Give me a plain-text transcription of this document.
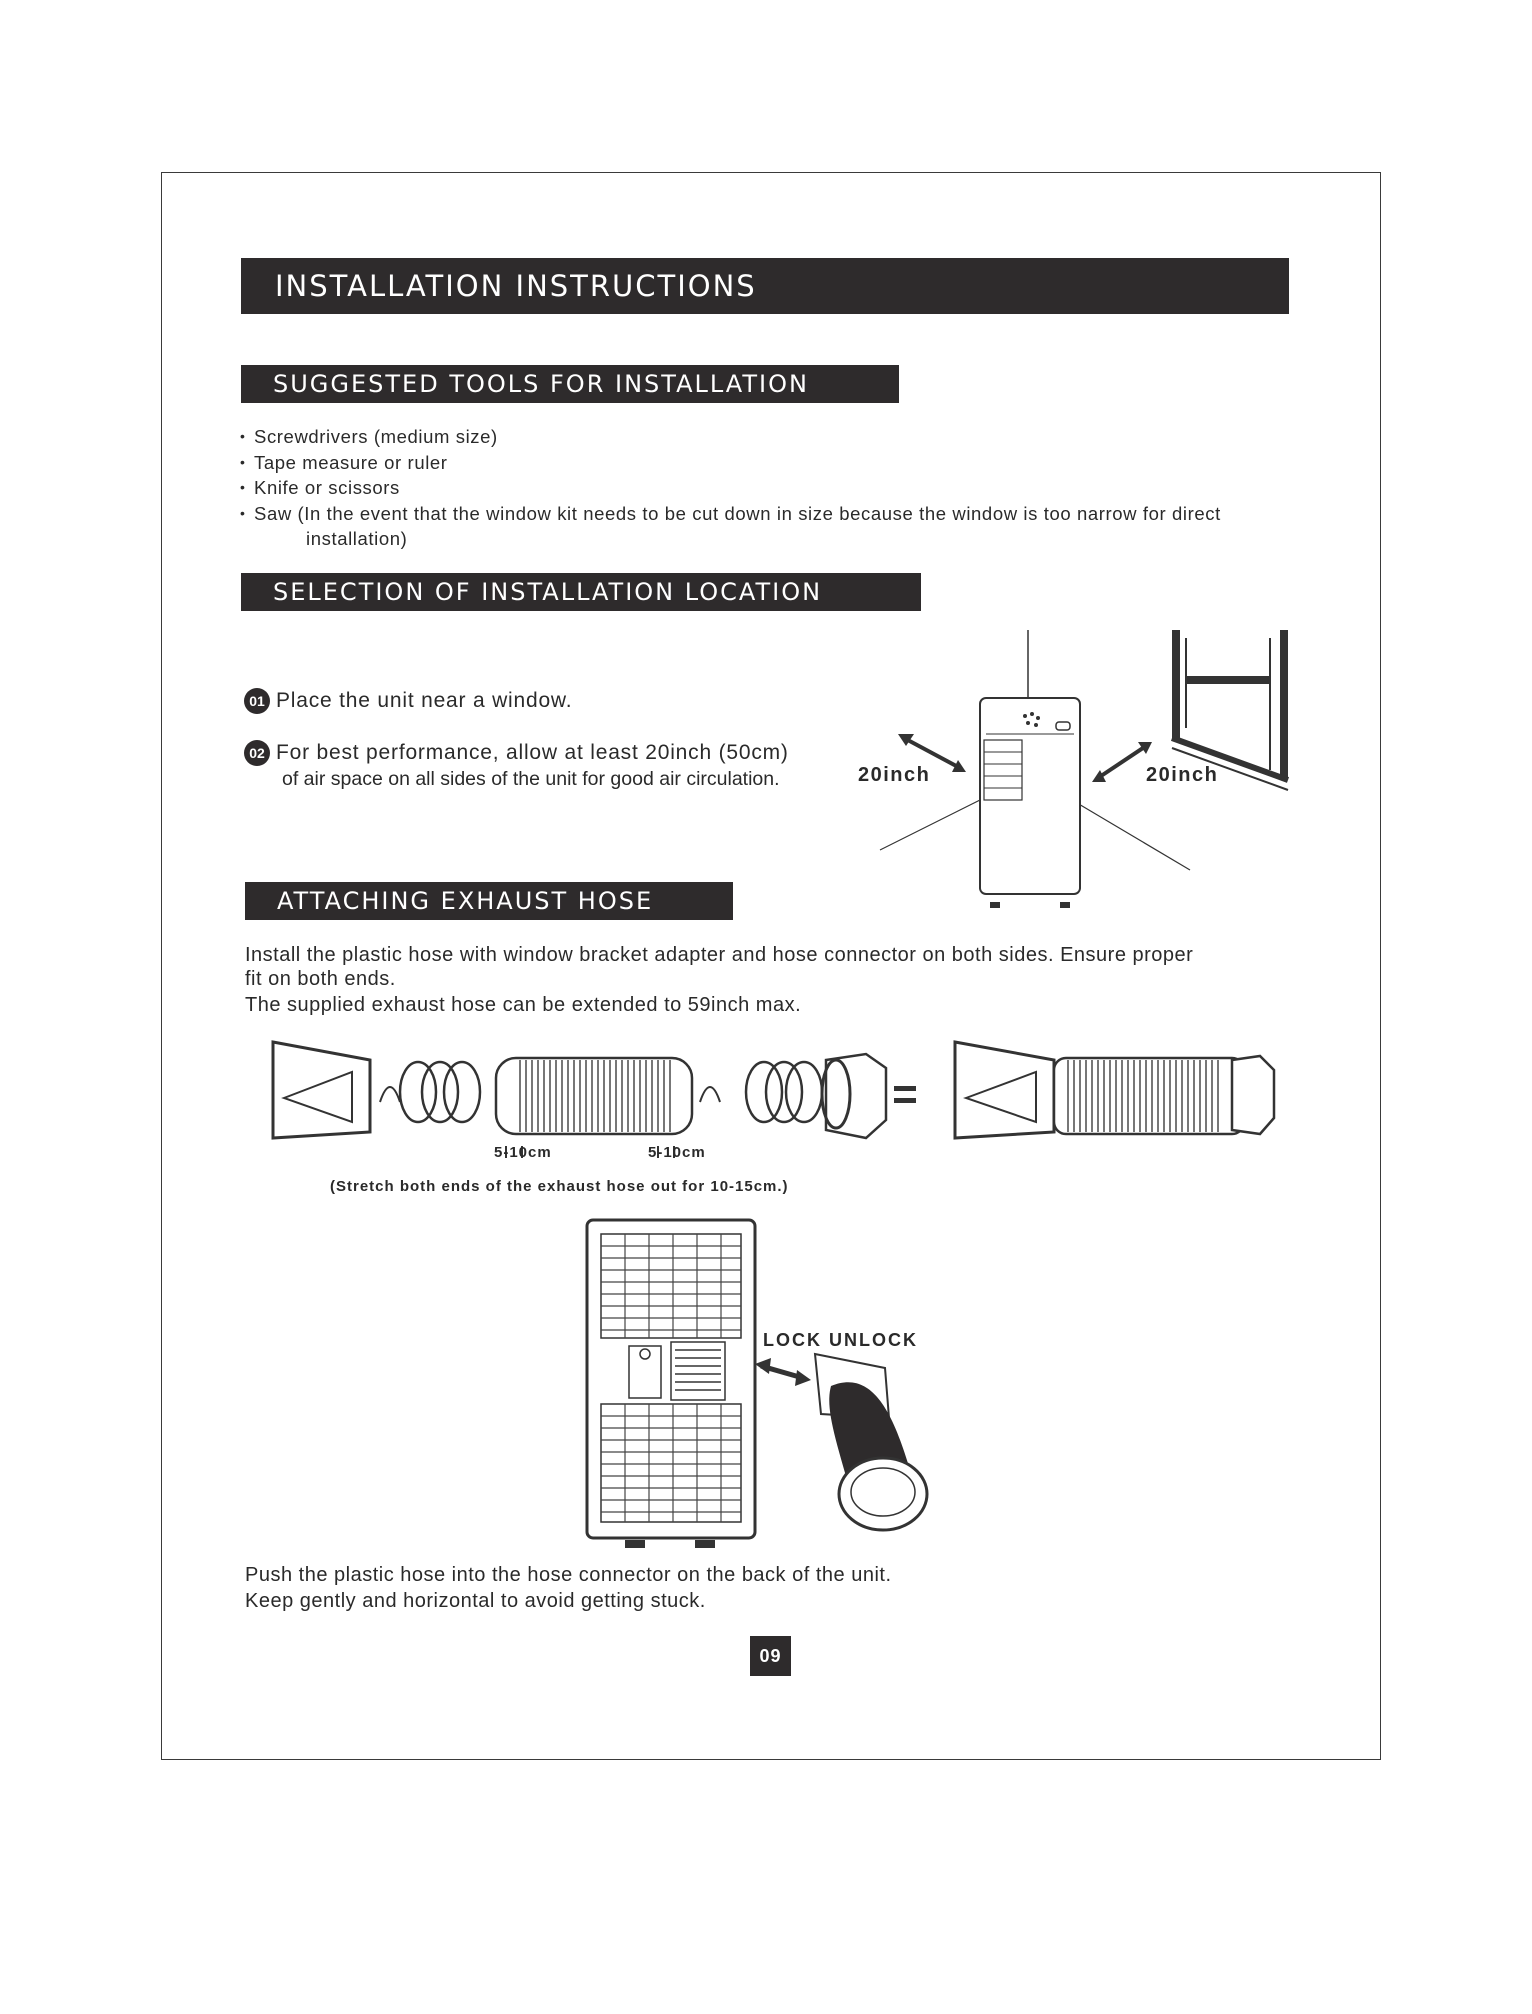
INSTALLATION INSTRUCTIONS
SUGGESTED TOOLS FOR INSTALLATION
• Screwdrivers (medium size)
• Tape measure or ruler
• Knife or scissors
• Saw (In the event that the window kit needs to be cut down in size because the window is too narrow for direct
installation)
SELECTION OF INSTALLATION LOCATION
01 Place the unit near a window.
02 For best performance, allow at least 20inch (50cm)
of air space on all sides of the unit for good air circulation.	20inch	20inch
ATTACHING EXHAUST HOSE

Install the plastic hose with window bracket adapter and hose connector on both sides. Ensure proper

fit on both ends.

The supplied exhaust hose can be extended to 59inch max.

5-10cm	5-10cm
(Stretch both ends of the exhaust hose out for 10-15cm.)
LOCK UNLOCK

Push the plastic hose into the hose connector on the back of the unit.

Keep gently and horizontal to avoid getting stuck.

09
